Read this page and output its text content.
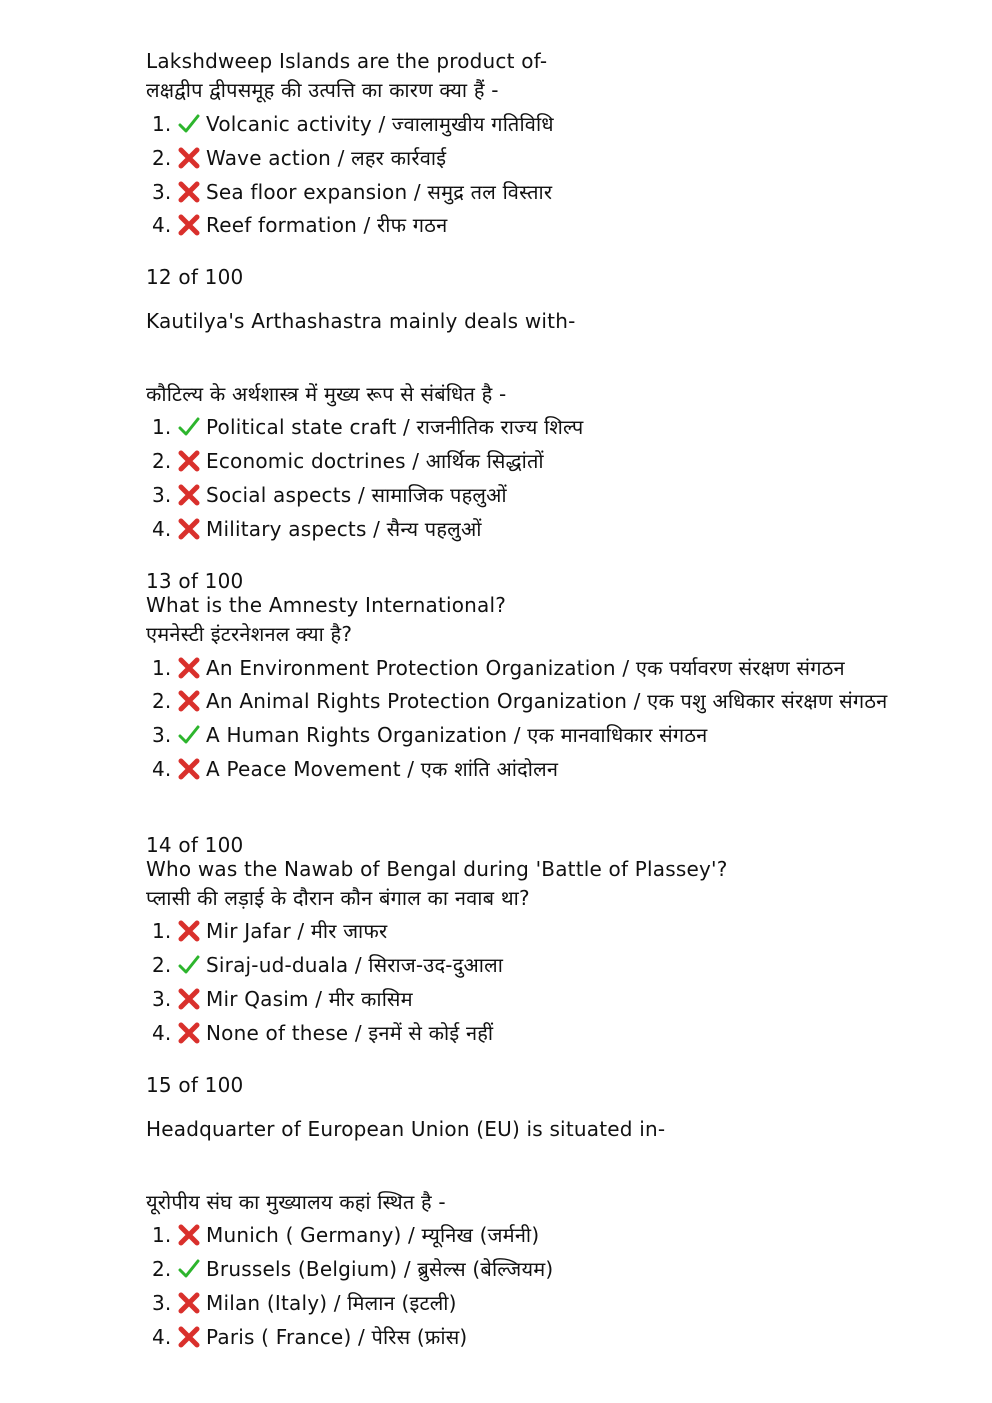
Lakshdweep Islands are the product of-
लक्षद्वीप द्वीपसमूह की उत्पत्ति का कारण क्या हैं -
1.	Volcanic activity / ज्वालामुखीय गतिविधि
2.	Wave action / लहर कार्रवाई
3.	Sea floor expansion / समुद्र तल विस्तार
4.	Reef formation / रीफ गठन
12 of 100
Kautilya's Arthashastra mainly deals with-
कौटिल्य के अर्थशास्त्र में मुख्य रूप से संबंधित है -
1.	Political state craft / राजनीतिक राज्य शिल्प
2.	Economic doctrines / आर्थिक सिद्धांतों
3.	Social aspects / सामाजिक पहलुओं
4.	Military aspects / सैन्य पहलुओं
13 of 100
What is the Amnesty International?
एमनेस्टी इंटरनेशनल क्या है?
1.	An Environment Protection Organization / एक पर्यावरण संरक्षण संगठन
2.	An Animal Rights Protection Organization / एक पशु अधिकार संरक्षण संगठन
3.	A Human Rights Organization / एक मानवाधिकार संगठन
4.	A Peace Movement / एक शांति आंदोलन
14 of 100
Who was the Nawab of Bengal during 'Battle of Plassey'?
प्लासी की लड़ाई के दौरान कौन बंगाल का नवाब था?
1.	Mir Jafar / मीर जाफर
2.	Siraj-ud-duala / सिराज-उद-दुआला
3.	Mir Qasim / मीर कासिम
4.	None of these / इनमें से कोई नहीं
15 of 100
Headquarter of European Union (EU) is situated in-
यूरोपीय संघ का मुख्यालय कहां स्थित है -
1.	Munich ( Germany) / म्यूनिख (जर्मनी)
2.	Brussels (Belgium) / ब्रुसेल्स (बेल्जियम)
3.	Milan (Italy) / मिलान (इटली)
4.	Paris ( France) / पेरिस (फ्रांस)
